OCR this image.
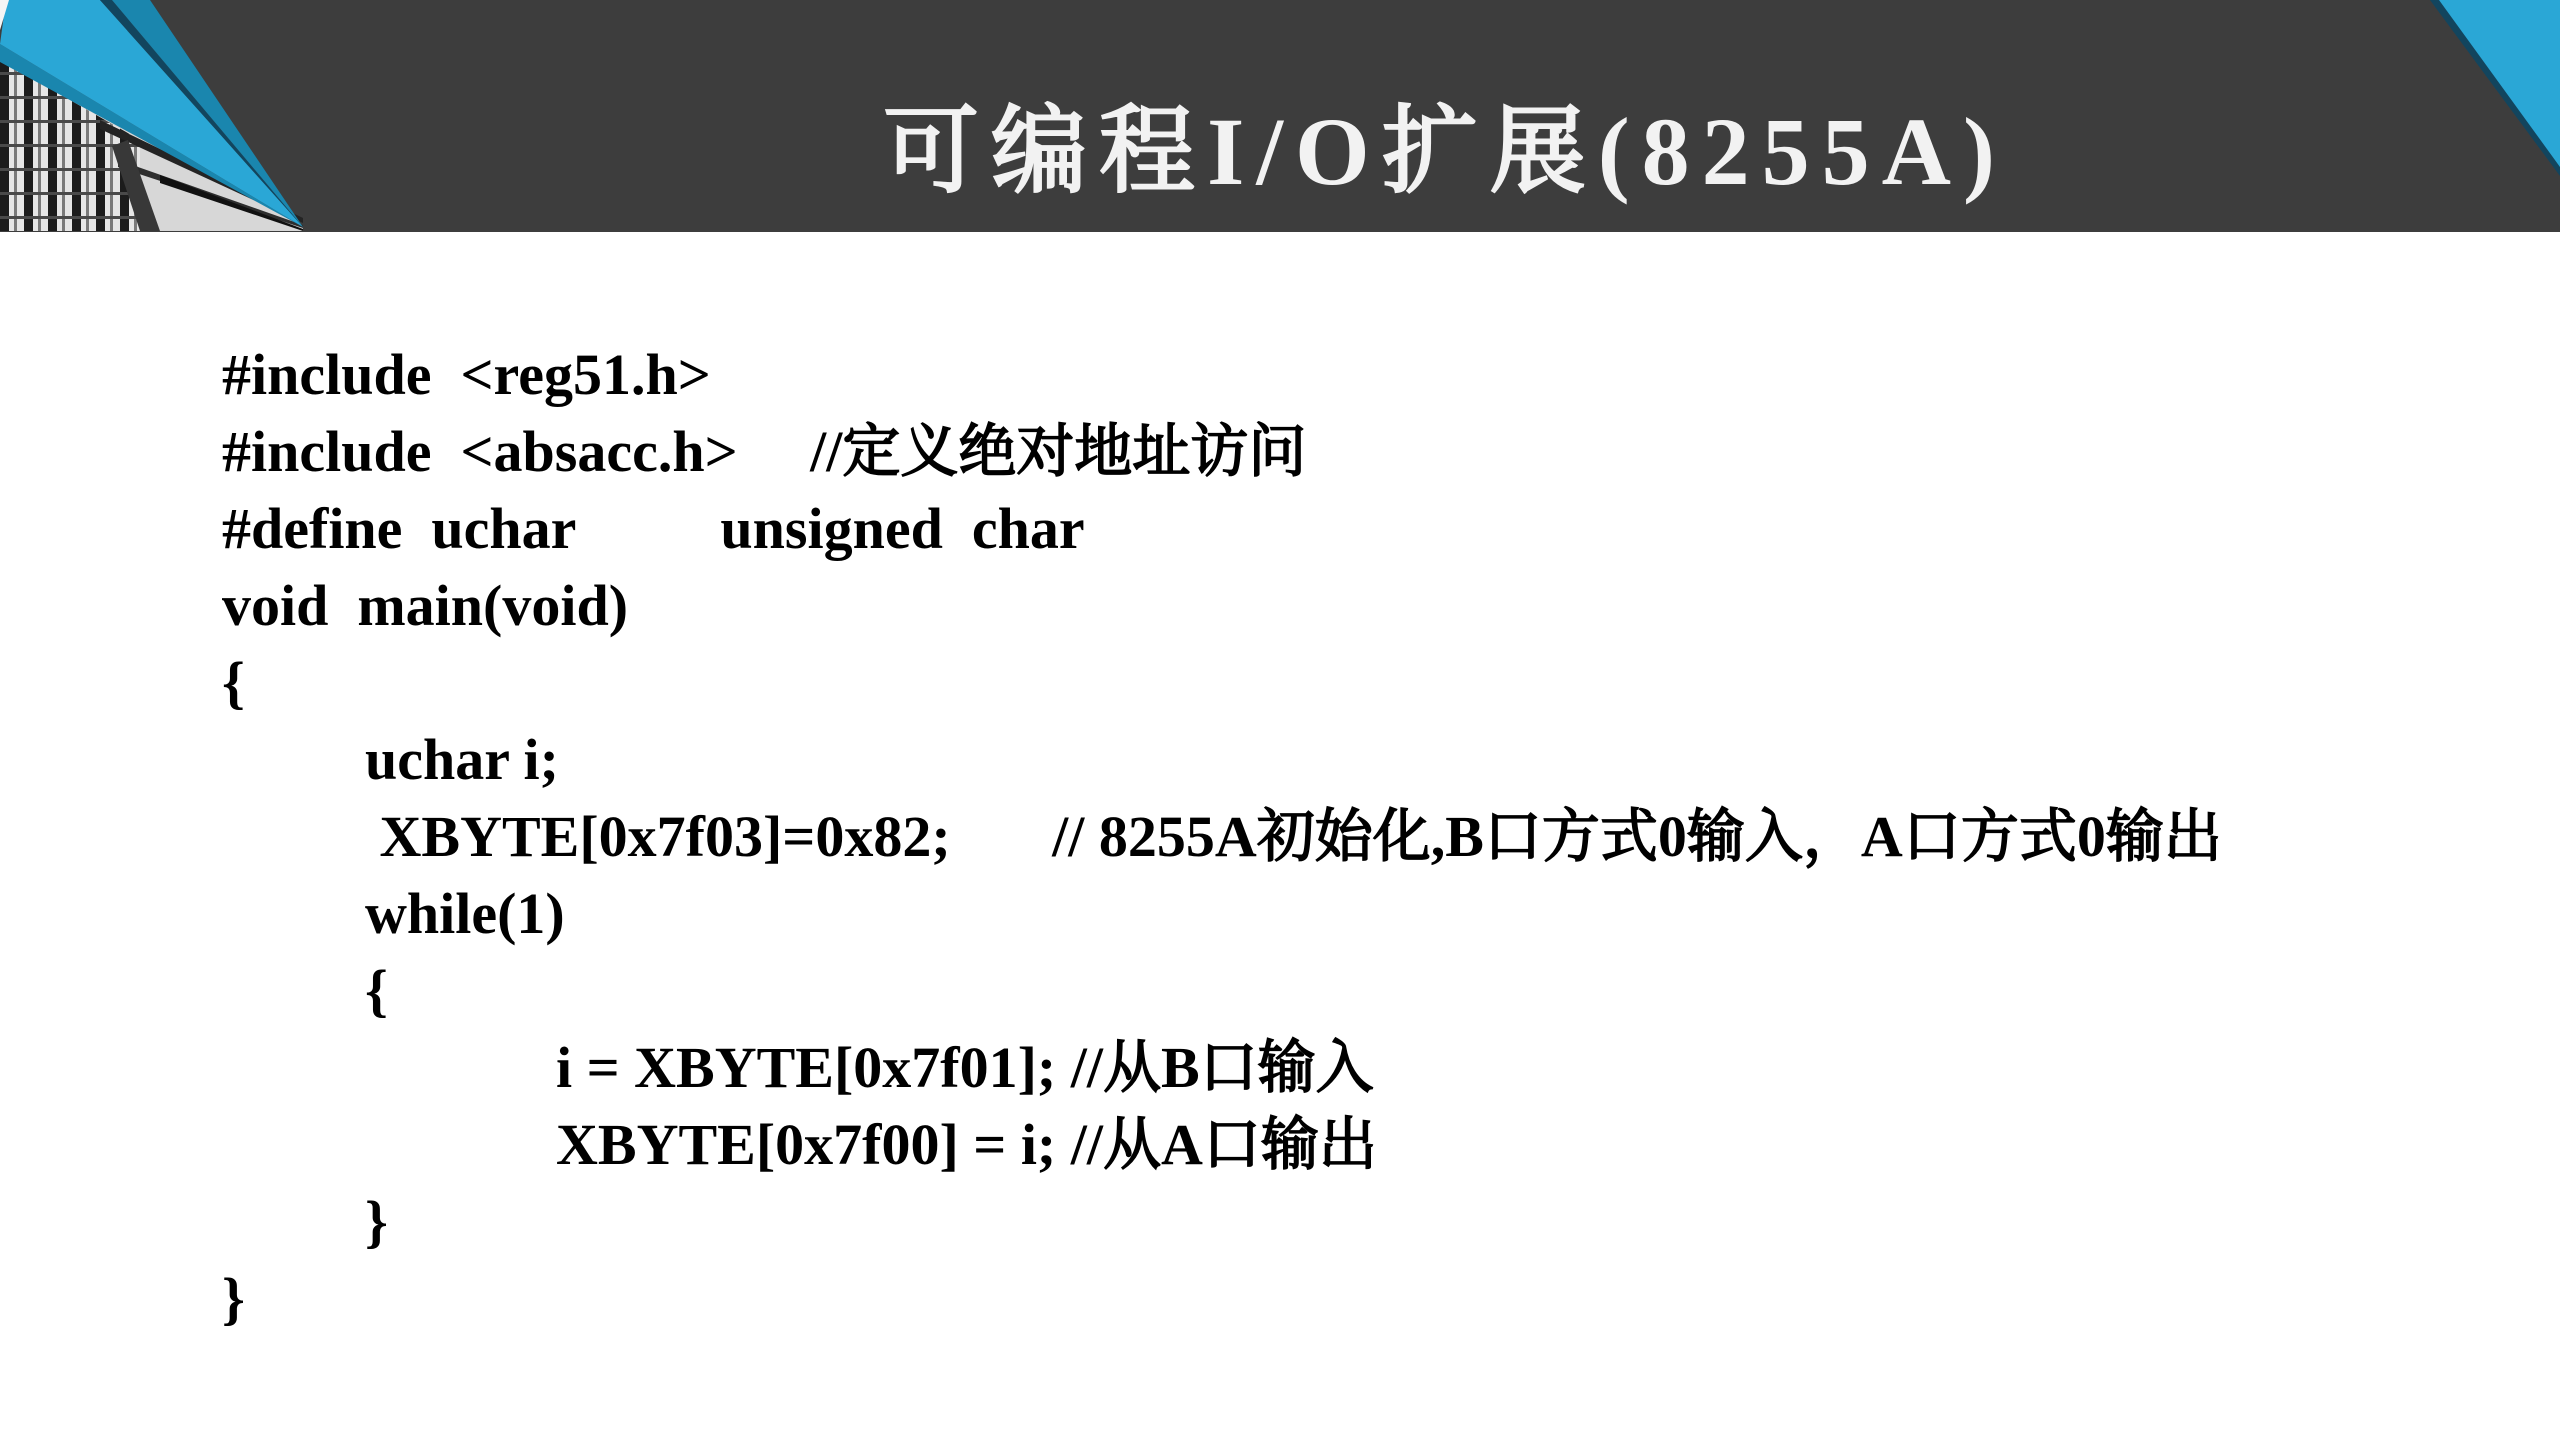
可编程I/O扩展(8255A)
#include  <reg51.h>
#include  <absacc.h>     //定义绝对地址访问
#define  uchar          unsigned  char
void  main(void)
{
uchar i;
XBYTE[0x7f03]=0x82;       // 8255A初始化,B口方式0输入，A口方式0输出
while(1)
{
i = XBYTE[0x7f01]; //从B口输入
XBYTE[0x7f00] = i; //从A口输出
}
}
